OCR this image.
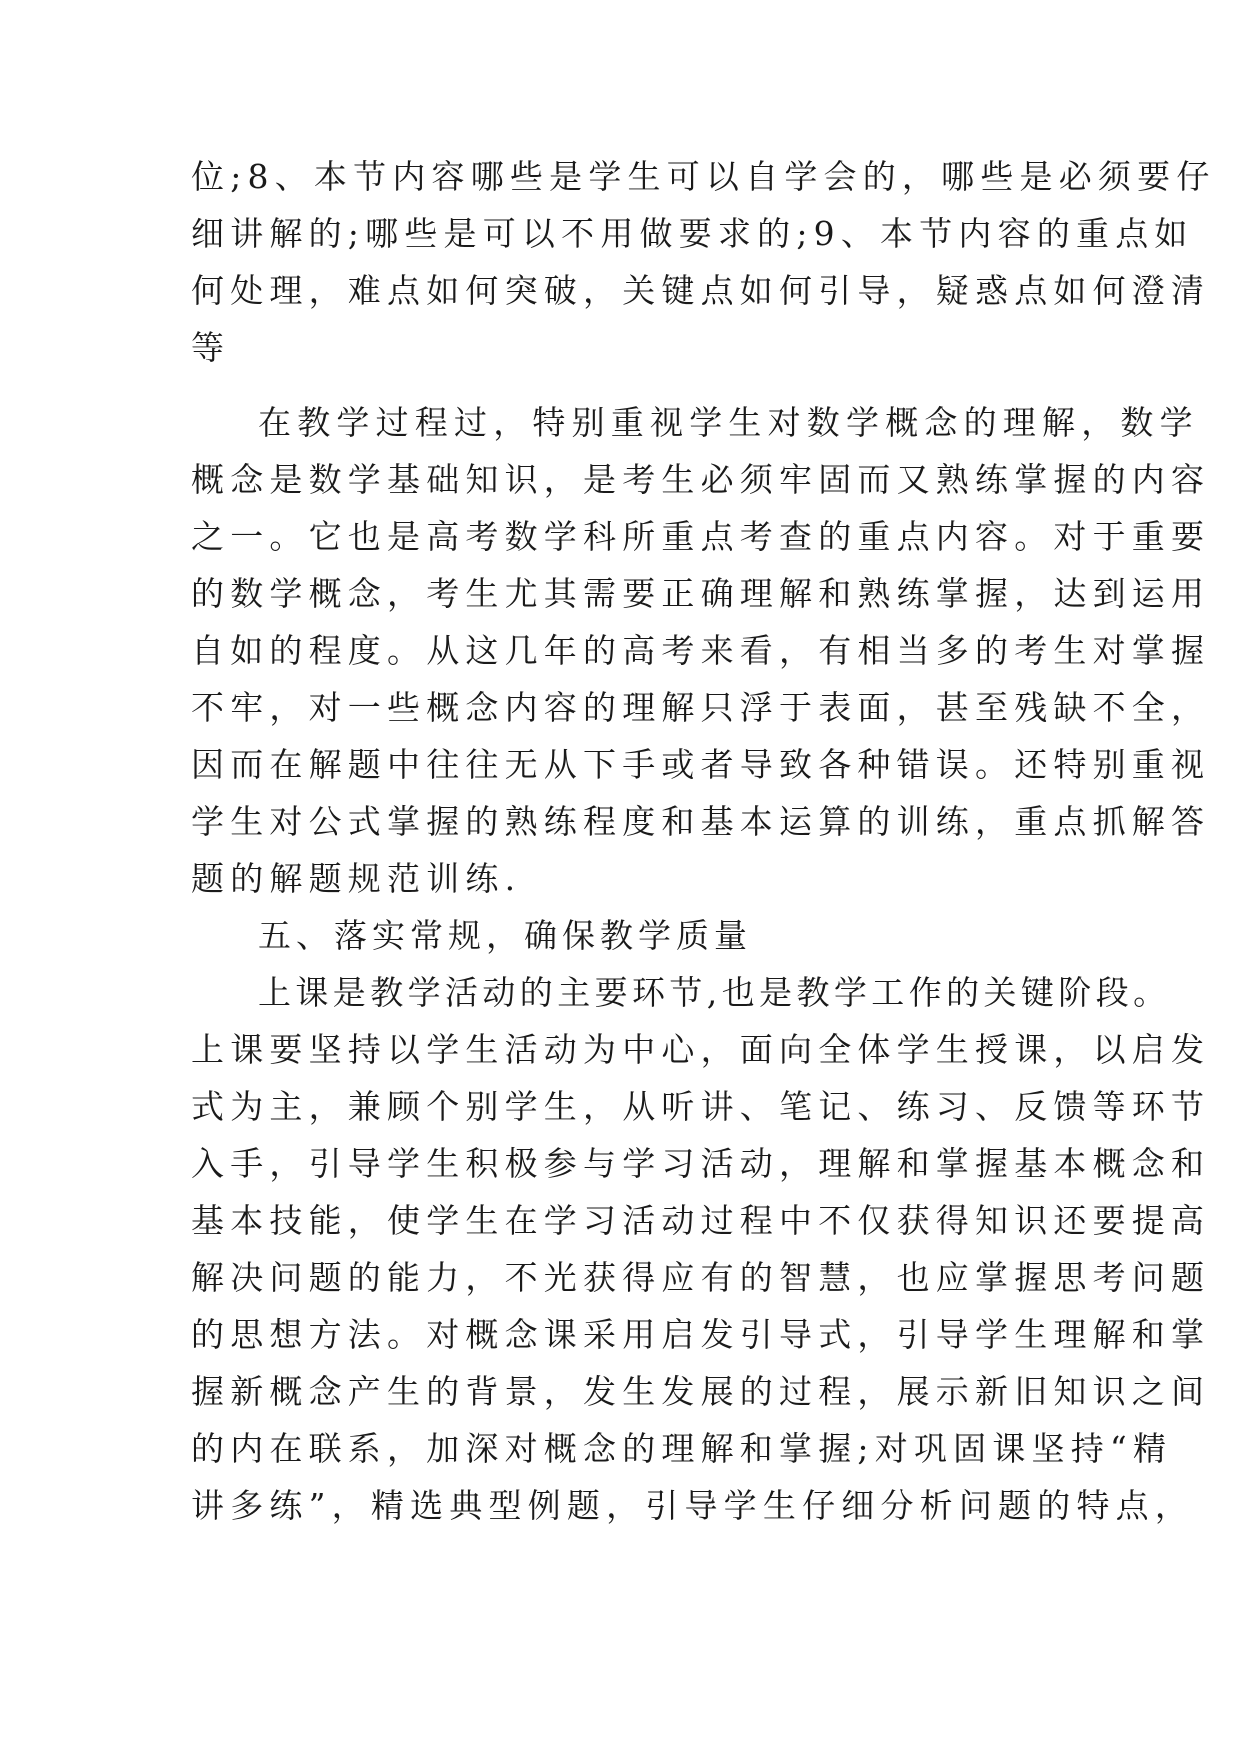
位;8、本节内容哪些是学生可以自学会的，哪些是必须要仔

细讲解的;哪些是可以不用做要求的;9、本节内容的重点如

何处理，难点如何突破，关键点如何引导，疑惑点如何澄清

等

在教学过程过，特别重视学生对数学概念的理解，数学

概念是数学基础知识，是考生必须牢固而又熟练掌握的内容

之一。它也是高考数学科所重点考查的重点内容。对于重要

的数学概念，考生尤其需要正确理解和熟练掌握，达到运用

自如的程度。从这几年的高考来看，有相当多的考生对掌握

不牢，对一些概念内容的理解只浮于表面，甚至残缺不全，

因而在解题中往往无从下手或者导致各种错误。还特别重视

学生对公式掌握的熟练程度和基本运算的训练，重点抓解答

题的解题规范训练.

五、落实常规，确保教学质量

上课是教学活动的主要环节,也是教学工作的关键阶段。

上课要坚持以学生活动为中心，面向全体学生授课，以启发

式为主，兼顾个别学生，从听讲、笔记、练习、反馈等环节

入手，引导学生积极参与学习活动，理解和掌握基本概念和

基本技能，使学生在学习活动过程中不仅获得知识还要提高

解决问题的能力，不光获得应有的智慧，也应掌握思考问题

的思想方法。对概念课采用启发引导式，引导学生理解和掌

握新概念产生的背景，发生发展的过程，展示新旧知识之间

的内在联系，加深对概念的理解和掌握;对巩固课坚持“精

讲多练”，精选典型例题，引导学生仔细分析问题的特点，
